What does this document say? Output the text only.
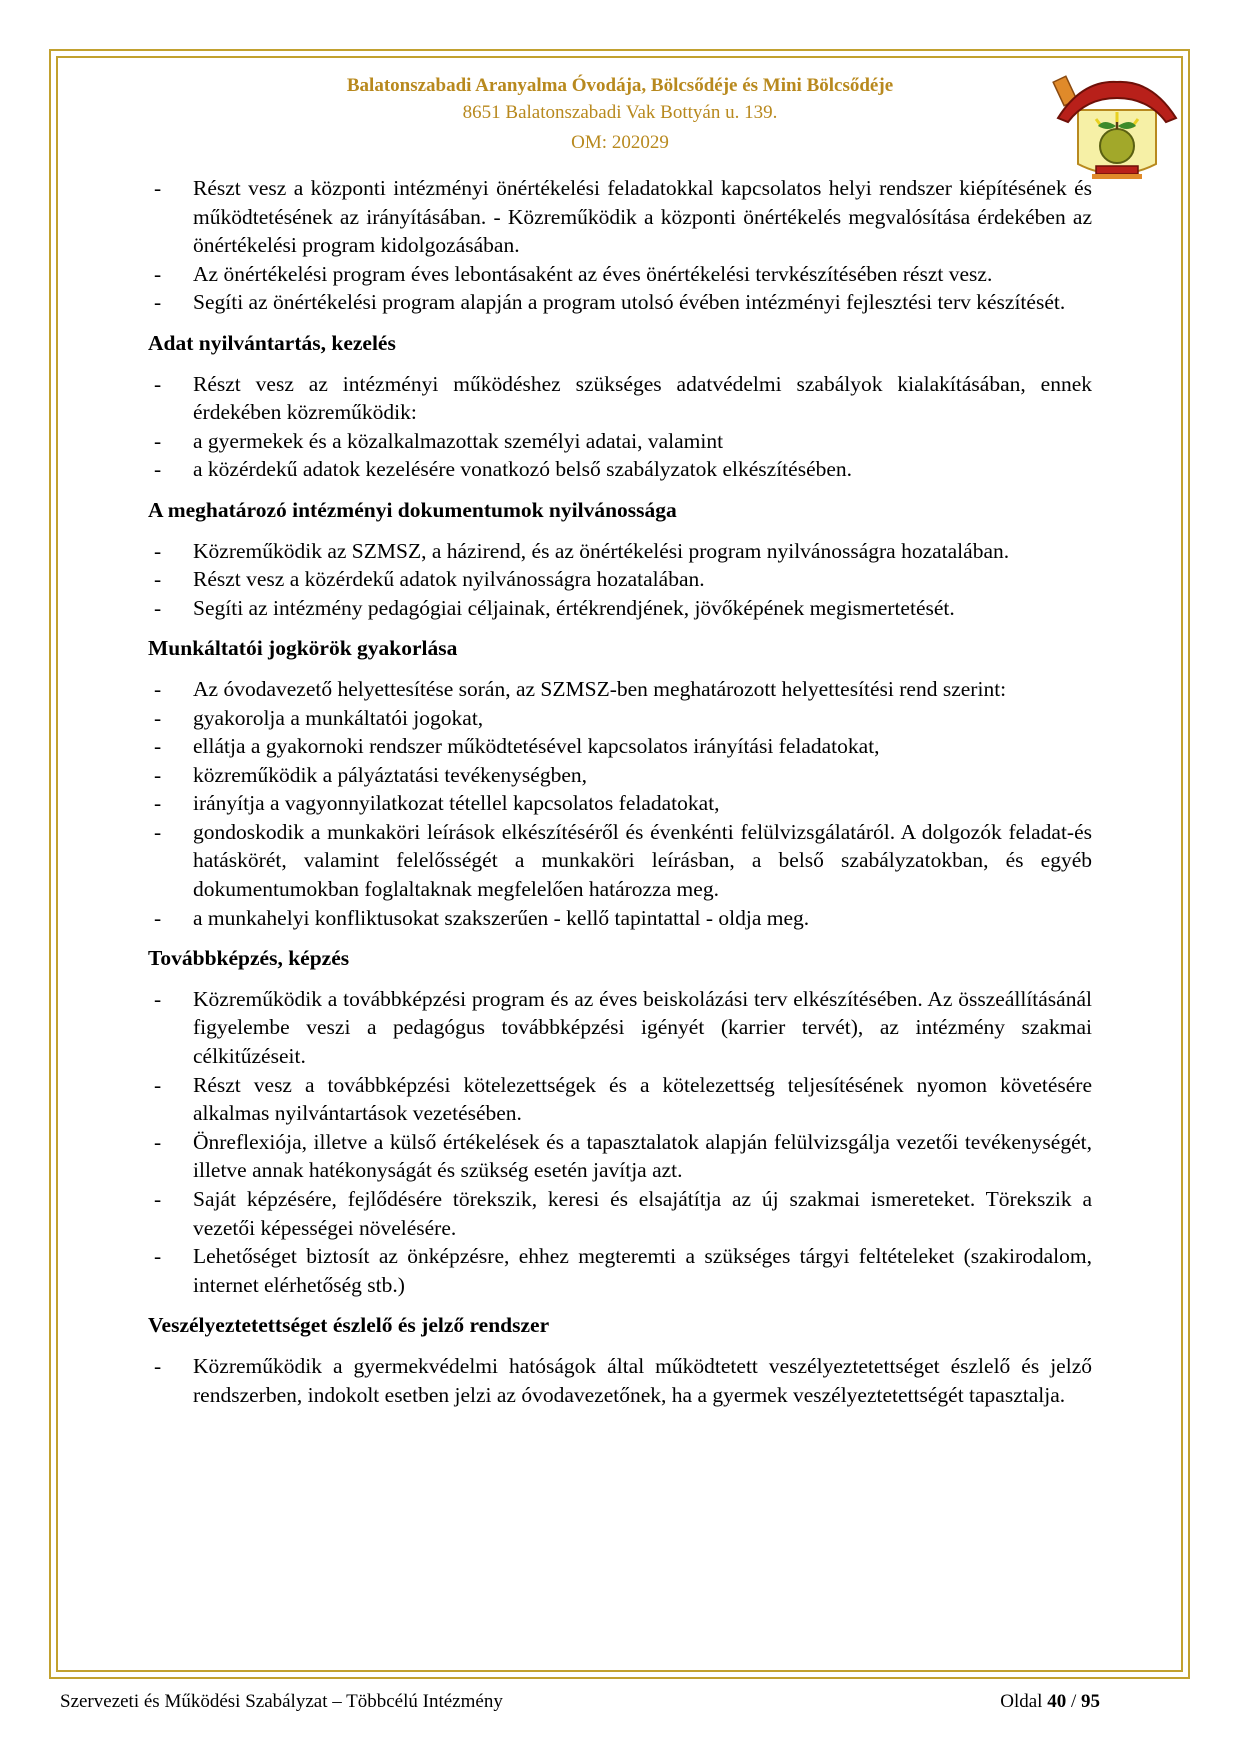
Balatonszabadi Aranyalma Óvodája, Bölcsődéje és Mini Bölcsődéje
8651 Balatonszabadi Vak Bottyán u. 139.
OM: 202029
- Részt vesz a központi intézményi önértékelési feladatokkal kapcsolatos helyi rendszer kiépítésének és működtetésének az irányításában. - Közreműködik a központi önértékelés megvalósítása érdekében az önértékelési program kidolgozásában.
- Az önértékelési program éves lebontásaként az éves önértékelési tervkészítésében részt vesz.
- Segíti az önértékelési program alapján a program utolsó évében intézményi fejlesztési terv készítését.
Adat nyilvántartás, kezelés
- Részt vesz az intézményi működéshez szükséges adatvédelmi szabályok kialakításában, ennek érdekében közreműködik:
- a gyermekek és a közalkalmazottak személyi adatai, valamint
- a közérdekű adatok kezelésére vonatkozó belső szabályzatok elkészítésében.
A meghatározó intézményi dokumentumok nyilvánossága
- Közreműködik az SZMSZ, a házirend, és az önértékelési program nyilvánosságra hozatalában.
- Részt vesz a közérdekű adatok nyilvánosságra hozatalában.
- Segíti az intézmény pedagógiai céljainak, értékrendjének, jövőképének megismertetését.
Munkáltatói jogkörök gyakorlása
- Az óvodavezető helyettesítése során, az SZMSZ-ben meghatározott helyettesítési rend szerint:
- gyakorolja a munkáltatói jogokat,
- ellátja a gyakornoki rendszer működtetésével kapcsolatos irányítási feladatokat,
- közreműködik a pályáztatási tevékenységben,
- irányítja a vagyonnyilatkozat tétellel kapcsolatos feladatokat,
- gondoskodik a munkaköri leírások elkészítéséről és évenkénti felülvizsgálatáról. A dolgozók feladat-és hatáskörét, valamint felelősségét a munkaköri leírásban, a belső szabályzatokban, és egyéb dokumentumokban foglaltaknak megfelelően határozza meg.
- a munkahelyi konfliktusokat szakszerűen - kellő tapintattal - oldja meg.
Továbbképzés, képzés
- Közreműködik a továbbképzési program és az éves beiskolázási terv elkészítésében. Az összeállításánál figyelembe veszi a pedagógus továbbképzési igényét (karrier tervét), az intézmény szakmai célkitűzéseit.
- Részt vesz a továbbképzési kötelezettségek és a kötelezettség teljesítésének nyomon követésére alkalmas nyilvántartások vezetésében.
- Önreflexiója, illetve a külső értékelések és a tapasztalatok alapján felülvizsgálja vezetői tevékenységét, illetve annak hatékonyságát és szükség esetén javítja azt.
- Saját képzésére, fejlődésére törekszik, keresi és elsajátítja az új szakmai ismereteket. Törekszik a vezetői képességei növelésére.
- Lehetőséget biztosít az önképzésre, ehhez megteremti a szükséges tárgyi feltételeket (szakirodalom, internet elérhetőség stb.)
Veszélyeztetettséget észlelő és jelző rendszer
- Közreműködik a gyermekvédelmi hatóságok által működtetett veszélyeztetettséget észlelő és jelző rendszerben, indokolt esetben jelzi az óvodavezetőnek, ha a gyermek veszélyeztetettségét tapasztalja.
Szervezeti és Működési Szabályzat – Többcélú Intézmény	Oldal 40 / 95
